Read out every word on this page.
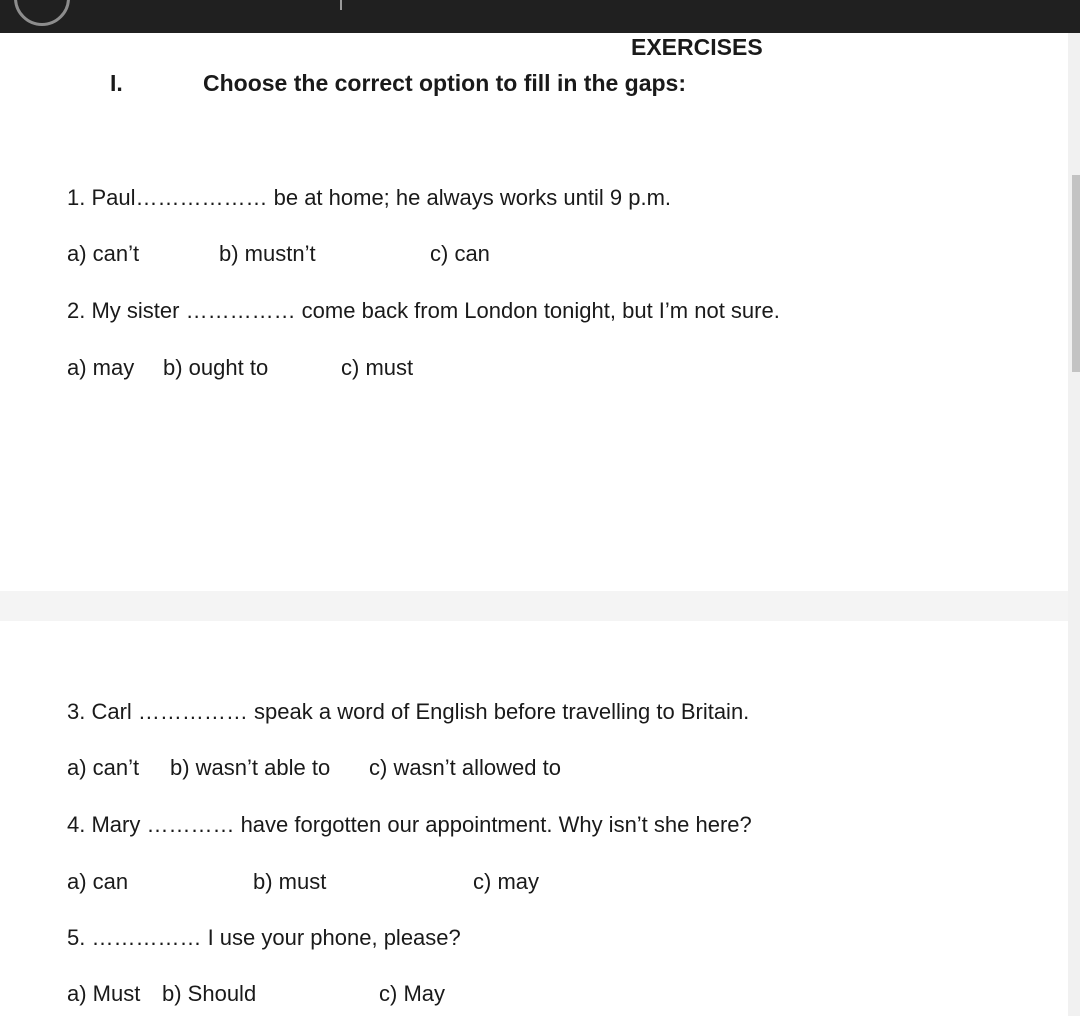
EXERCISES
I.	Choose the correct option to fill in the gaps:
1. Paul……………… be at home; he always works until 9 p.m.
a) can’t	b) mustn’t	c) can
2. My sister …………… come back from London tonight, but I’m not sure.
a) may b) ought to	c) must
3. Carl …………… speak a word of English before travelling to Britain.
a) can’t b) wasn’t able to c) wasn’t allowed to
4. Mary ………… have forgotten our appointment. Why isn’t she here?
a) can	b) must	c) may
5. …………… I use your phone, please?
a) Must b) Should	c) May
